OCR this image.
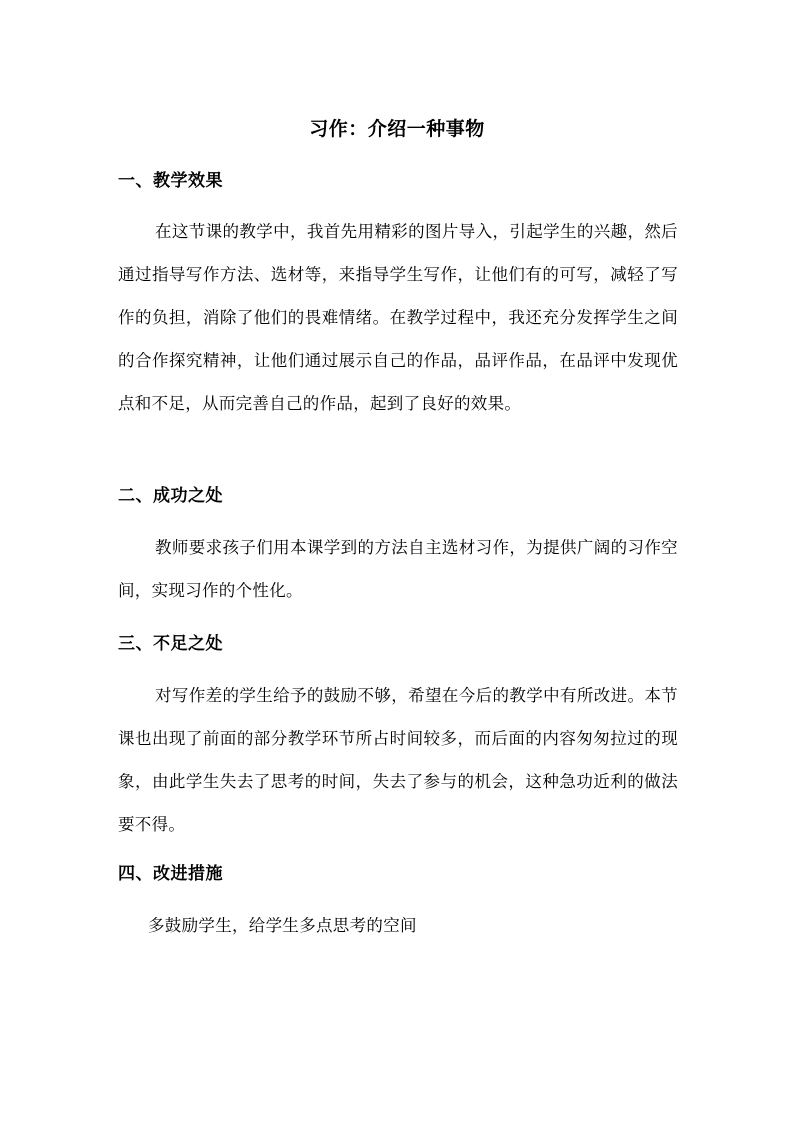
习作：介绍一种事物
一、教学效果
在这节课的教学中，我首先用精彩的图片导入，引起学生的兴趣，然后通过指导写作方法、选材等，来指导学生写作，让他们有的可写，减轻了写作的负担，消除了他们的畏难情绪。在教学过程中，我还充分发挥学生之间的合作探究精神，让他们通过展示自己的作品，品评作品，在品评中发现优点和不足，从而完善自己的作品，起到了良好的效果。
二、成功之处
教师要求孩子们用本课学到的方法自主选材习作，为提供广阔的习作空间，实现习作的个性化。
三、不足之处
对写作差的学生给予的鼓励不够，希望在今后的教学中有所改进。本节课也出现了前面的部分教学环节所占时间较多，而后面的内容匆匆拉过的现象，由此学生失去了思考的时间，失去了参与的机会，这种急功近利的做法要不得。
四、改进措施
多鼓励学生，给学生多点思考的空间
